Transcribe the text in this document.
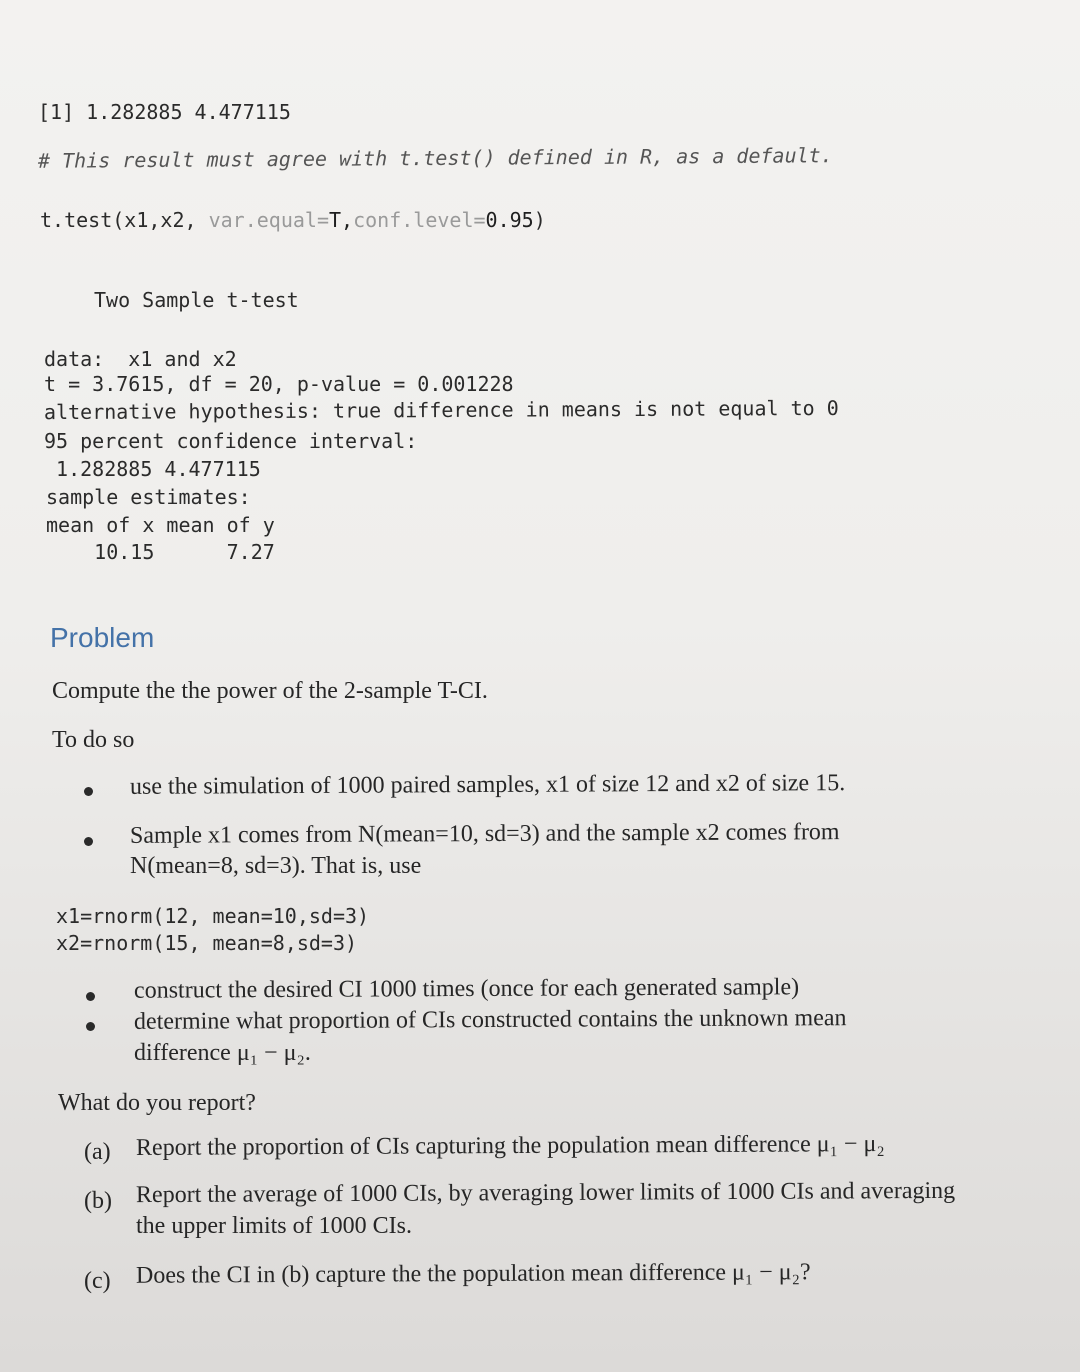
[1] 1.282885 4.477115
# This result must agree with t.test() defined in R, as a default.
t.test(x1,x2, var.equal=T,conf.level=0.95)
Two Sample t-test
data:  x1 and x2
t = 3.7615, df = 20, p-value = 0.001228
alternative hypothesis: true difference in means is not equal to 0
95 percent confidence interval:
1.282885 4.477115
sample estimates:
mean of x mean of y
10.15      7.27
Problem
Compute the the power of the 2-sample T-CI.
To do so
use the simulation of 1000 paired samples, x1 of size 12 and x2 of size 15.
Sample x1 comes from N(mean=10, sd=3) and the sample x2 comes from
N(mean=8, sd=3). That is, use
x1=rnorm(12, mean=10,sd=3)
x2=rnorm(15, mean=8,sd=3)
construct the desired CI 1000 times (once for each generated sample)
determine what proportion of CIs constructed contains the unknown mean
difference μ₁ − μ₂.
What do you report?
(a) Report the proportion of CIs capturing the population mean difference μ₁ − μ₂
(b) Report the average of 1000 CIs, by averaging lower limits of 1000 CIs and averaging
the upper limits of 1000 CIs.
(c) Does the CI in (b) capture the the population mean difference μ₁ − μ₂?
